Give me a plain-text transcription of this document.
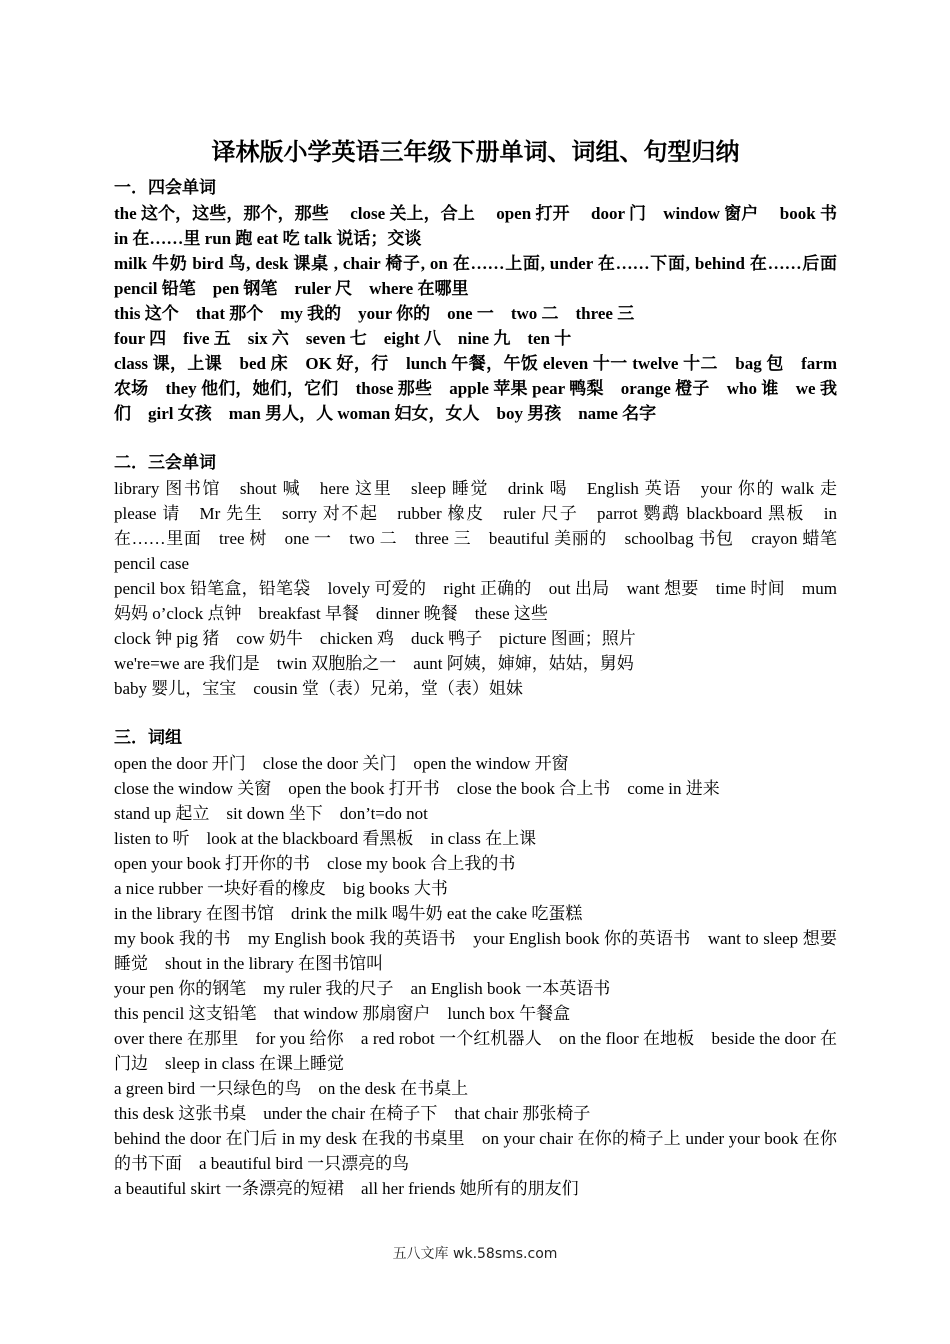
译林版小学英语三年级下册单词、词组、句型归纳

一．四会单词

the 这个，这些，那个，那些　 close 关上，合上　 open 打开　 door 门　window 窗户　 book 书　 in 在……里 run 跑 eat 吃 talk 说话；交谈

milk 牛奶 bird 鸟, desk 课桌 , chair 椅子, on 在……上面, under 在……下面, behind 在……后面　pencil 铅笔　pen 钢笔　ruler 尺　where 在哪里

this 这个　that 那个　my 我的　your 你的　one 一　two 二　three 三

four 四　five 五　six 六　seven 七　eight 八　nine 九　ten 十

class 课，上课　bed 床　OK 好，行　lunch 午餐，午饭 eleven 十一 twelve 十二　bag 包　farm 农场　they 他们，她们，它们　those 那些　apple 苹果 pear 鸭梨　orange 橙子　who 谁　we 我们　girl 女孩　man 男人，人 woman 妇女，女人　boy 男孩　name 名字

二．三会单词

library 图书馆　shout 喊　here 这里　sleep 睡觉　drink 喝　English 英语　your 你的 walk 走 please 请　Mr 先生　sorry 对不起　rubber 橡皮　ruler 尺子　parrot 鹦鹉 blackboard 黑板　in 在……里面　tree 树　one 一　two 二　three 三　beautiful 美丽的　schoolbag 书包　crayon 蜡笔　pencil case

pencil box 铅笔盒，铅笔袋　lovely 可爱的　right 正确的　out 出局　want 想要　time 时间　mum 妈妈 o’clock 点钟　breakfast 早餐　dinner 晚餐　these 这些

clock 钟 pig 猪　cow 奶牛　chicken 鸡　duck 鸭子　picture 图画；照片

we're=we are 我们是　twin 双胞胎之一　aunt 阿姨，婶婶，姑姑，舅妈

baby 婴儿，宝宝　cousin 堂（表）兄弟，堂（表）姐妹

三．词组

open the door 开门　close the door 关门　open the window 开窗

close the window 关窗　open the book 打开书　close the book 合上书　come in 进来

stand up 起立　sit down 坐下　don’t=do not

listen to 听　look at the blackboard 看黑板　in class 在上课

open your book 打开你的书　close my book 合上我的书

a nice rubber 一块好看的橡皮　big books 大书

in the library 在图书馆　drink the milk 喝牛奶 eat the cake 吃蛋糕

my book 我的书　my English book 我的英语书　your English book 你的英语书　want to sleep 想要睡觉　shout in the library 在图书馆叫

your pen 你的钢笔　my ruler 我的尺子　an English book 一本英语书

this pencil 这支铅笔　that window 那扇窗户　lunch box 午餐盒

over there 在那里　for you 给你　a red robot 一个红机器人　on the floor 在地板　beside the door 在门边　sleep in class 在课上睡觉

a green bird 一只绿色的鸟　on the desk 在书桌上

this desk 这张书桌　under the chair 在椅子下　that chair 那张椅子

behind the door 在门后 in my desk 在我的书桌里　on your chair 在你的椅子上 under your book 在你的书下面　a beautiful bird 一只漂亮的鸟

a beautiful skirt 一条漂亮的短裙　all her friends 她所有的朋友们

五八文库 wk.58sms.com
